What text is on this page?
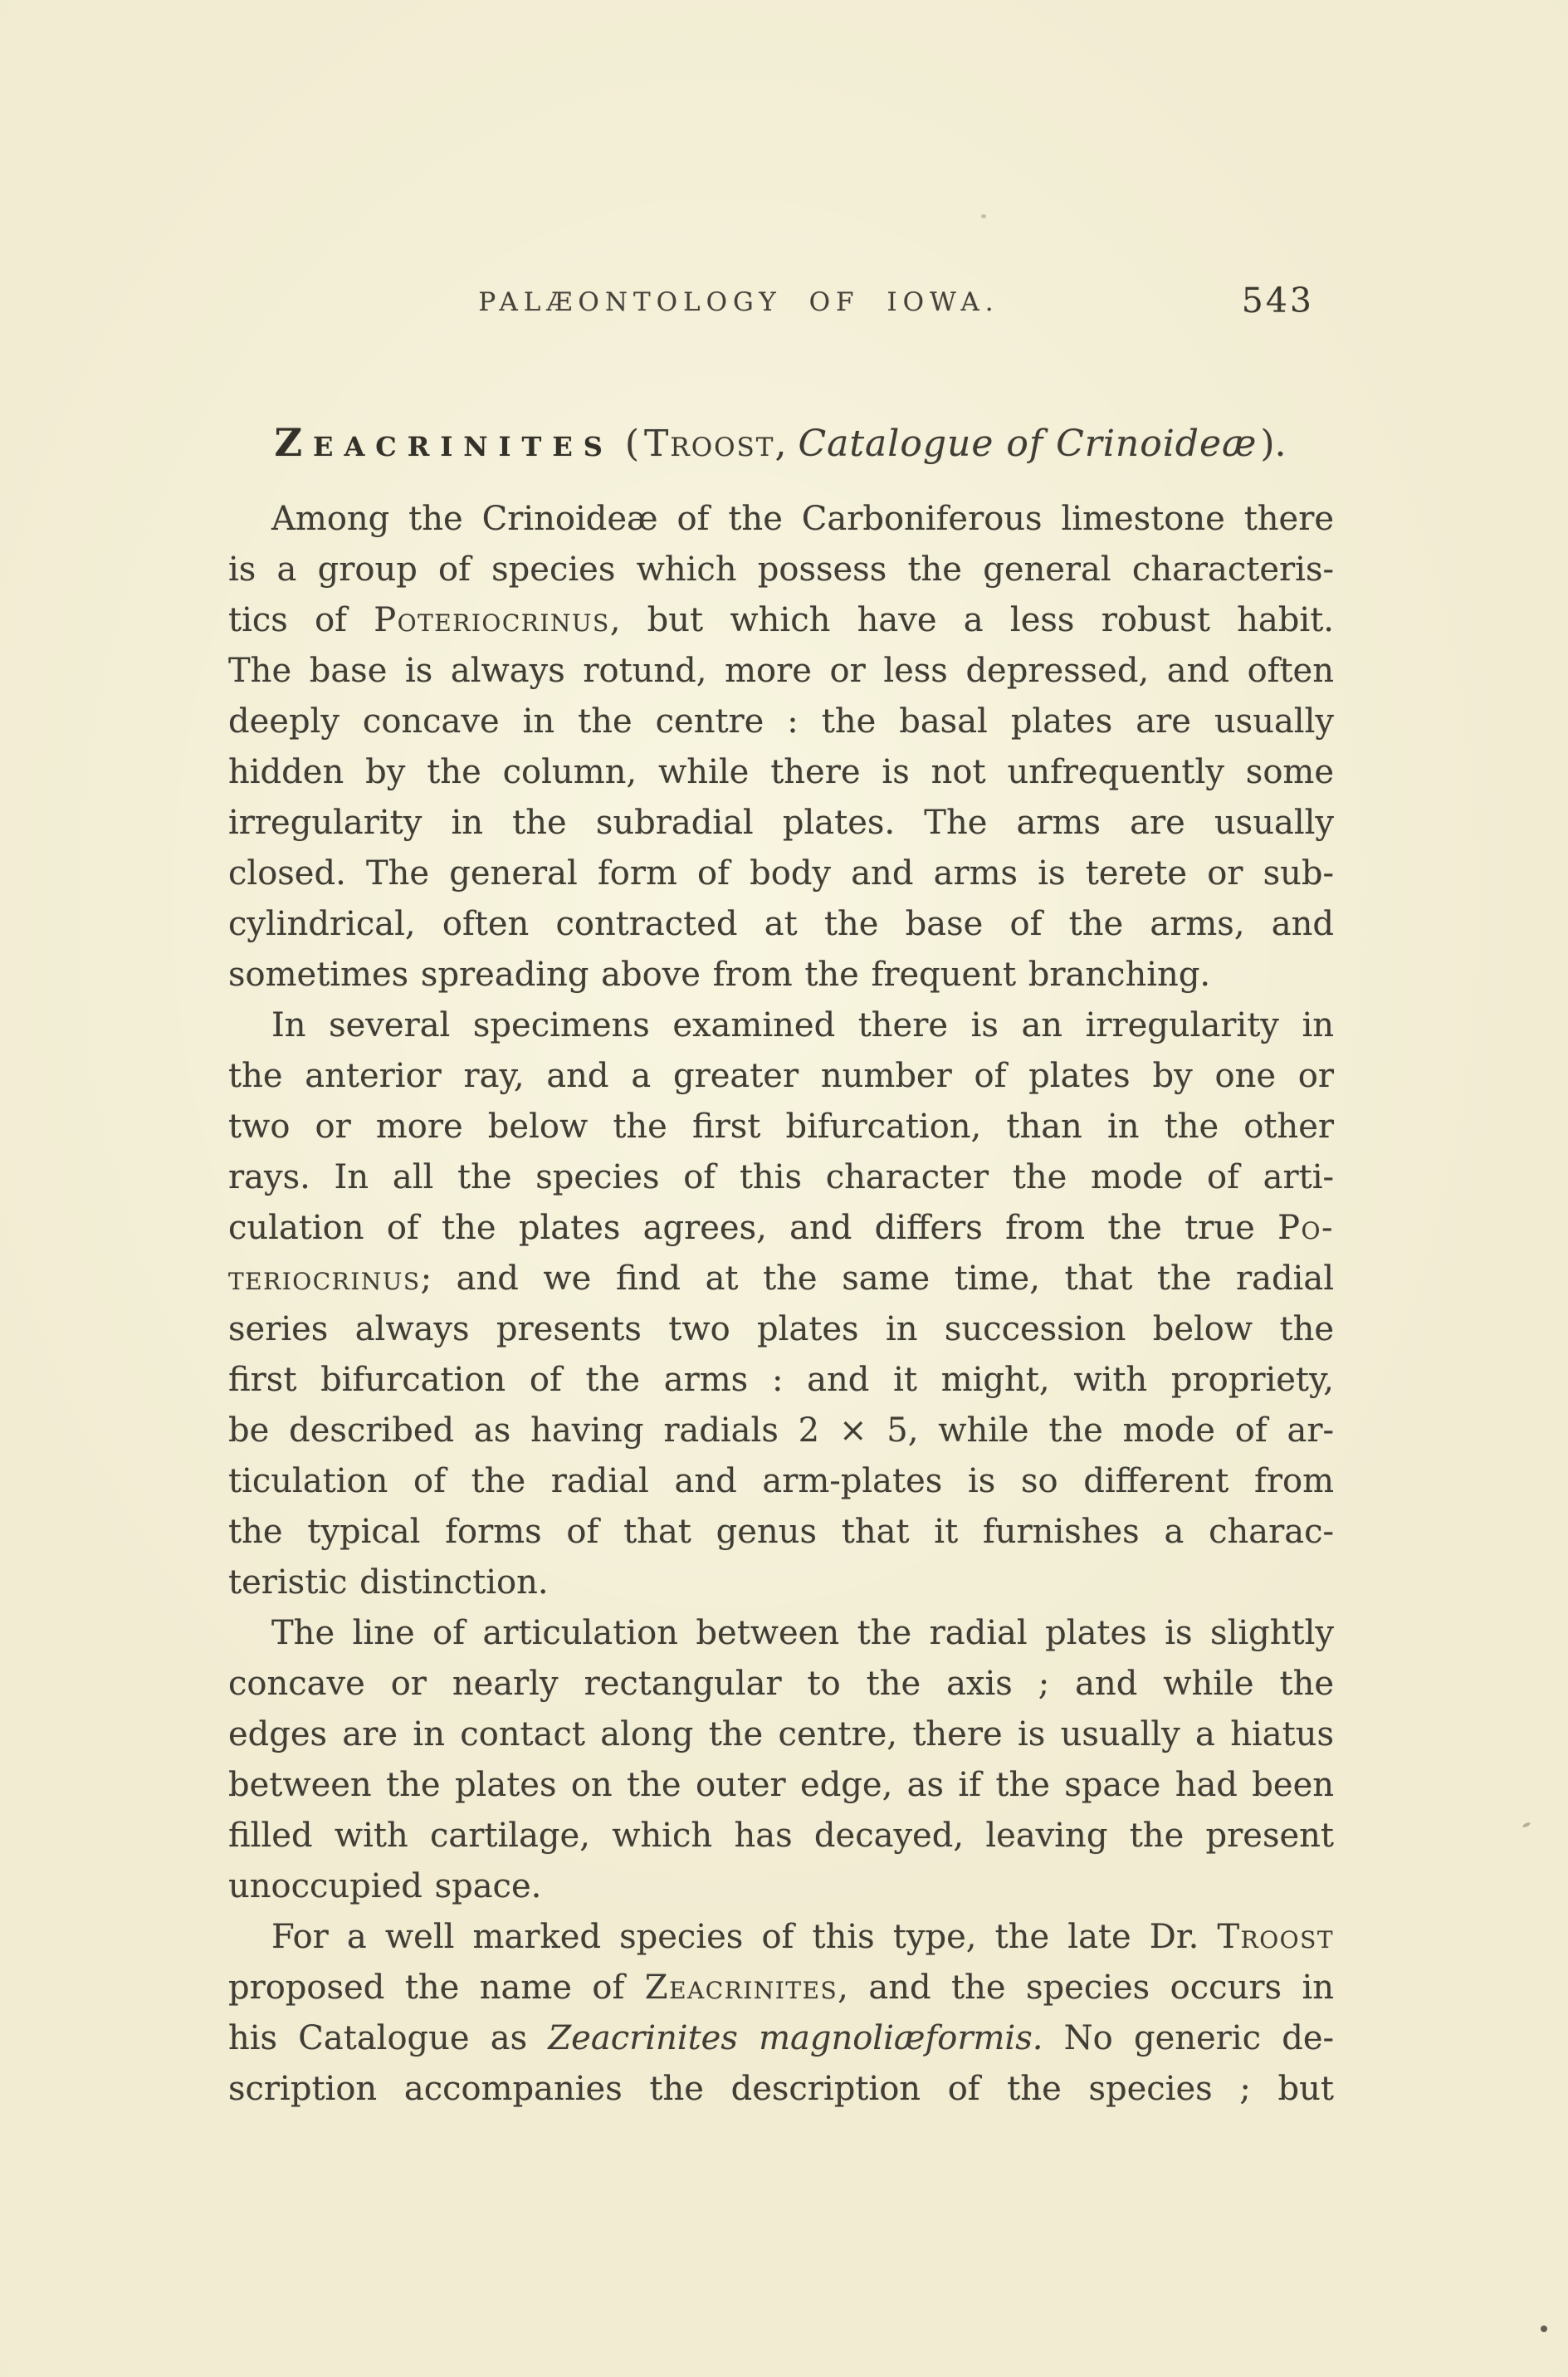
PALÆONTOLOGY OF IOWA.	543
Zeacrinites ( Troost, Catalogue of Crinoideæ).
Among the Crinoideæ of the Carboniferous limestone there
is a group of species which possess the general characteris-
tics of Poteriocrinus, but which have a less robust habit.
The base is always rotund, more or less depressed, and often
deeply concave in the centre : the basal plates are usually
hidden by the column, while there is not unfrequently some
irregularity in the subradial plates. The arms are usually
closed. The general form of body and arms is terete or sub-
cylindrical, often contracted at the base of the arms, and
sometimes spreading above from the frequent branching.
In several specimens examined there is an irregularity in
the anterior ray, and a greater number of plates by one or
two or more below the first bifurcation, than in the other
rays. In all the species of this character the mode of arti-
culation of the plates agrees, and differs from the true Po-
teriocrinus; and we find at the same time, that the radial
series always presents two plates in succession below the
first bifurcation of the arms : and it might, with propriety,
be described as having radials 2 × 5, while the mode of ar-
ticulation of the radial and arm-plates is so different from
the typical forms of that genus that it furnishes a charac-
teristic distinction.
The line of articulation between the radial plates is slightly
concave or nearly rectangular to the axis ; and while the
edges are in contact along the centre, there is usually a hiatus
between the plates on the outer edge, as if the space had been
filled with cartilage, which has decayed, leaving the present
unoccupied space.
For a well marked species of this type, the late Dr. Troost
proposed the name of Zeacrinites, and the species occurs in
his Catalogue as Zeacrinites magnoliæformis. No generic de-
scription accompanies the description of the species ; but
